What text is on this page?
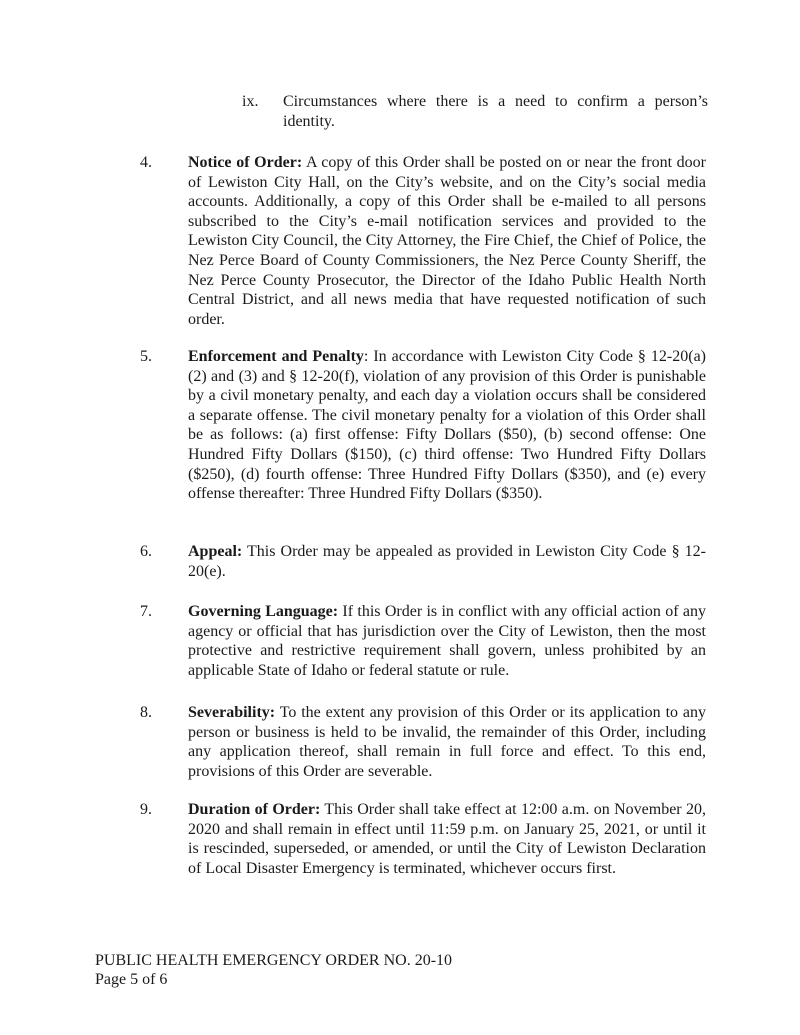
ix. Circumstances where there is a need to confirm a person’s identity.
4. Notice of Order: A copy of this Order shall be posted on or near the front door of Lewiston City Hall, on the City’s website, and on the City’s social media accounts. Additionally, a copy of this Order shall be e-mailed to all persons subscribed to the City’s e-mail notification services and provided to the Lewiston City Council, the City Attorney, the Fire Chief, the Chief of Police, the Nez Perce Board of County Commissioners, the Nez Perce County Sheriff, the Nez Perce County Prosecutor, the Director of the Idaho Public Health North Central District, and all news media that have requested notification of such order.
5. Enforcement and Penalty: In accordance with Lewiston City Code § 12-20(a)(2) and (3) and § 12-20(f), violation of any provision of this Order is punishable by a civil monetary penalty, and each day a violation occurs shall be considered a separate offense. The civil monetary penalty for a violation of this Order shall be as follows: (a) first offense: Fifty Dollars ($50), (b) second offense: One Hundred Fifty Dollars ($150), (c) third offense: Two Hundred Fifty Dollars ($250), (d) fourth offense: Three Hundred Fifty Dollars ($350), and (e) every offense thereafter: Three Hundred Fifty Dollars ($350).
6. Appeal: This Order may be appealed as provided in Lewiston City Code § 12-20(e).
7. Governing Language: If this Order is in conflict with any official action of any agency or official that has jurisdiction over the City of Lewiston, then the most protective and restrictive requirement shall govern, unless prohibited by an applicable State of Idaho or federal statute or rule.
8. Severability: To the extent any provision of this Order or its application to any person or business is held to be invalid, the remainder of this Order, including any application thereof, shall remain in full force and effect. To this end, provisions of this Order are severable.
9. Duration of Order: This Order shall take effect at 12:00 a.m. on November 20, 2020 and shall remain in effect until 11:59 p.m. on January 25, 2021, or until it is rescinded, superseded, or amended, or until the City of Lewiston Declaration of Local Disaster Emergency is terminated, whichever occurs first.
PUBLIC HEALTH EMERGENCY ORDER NO. 20-10
Page 5 of 6
